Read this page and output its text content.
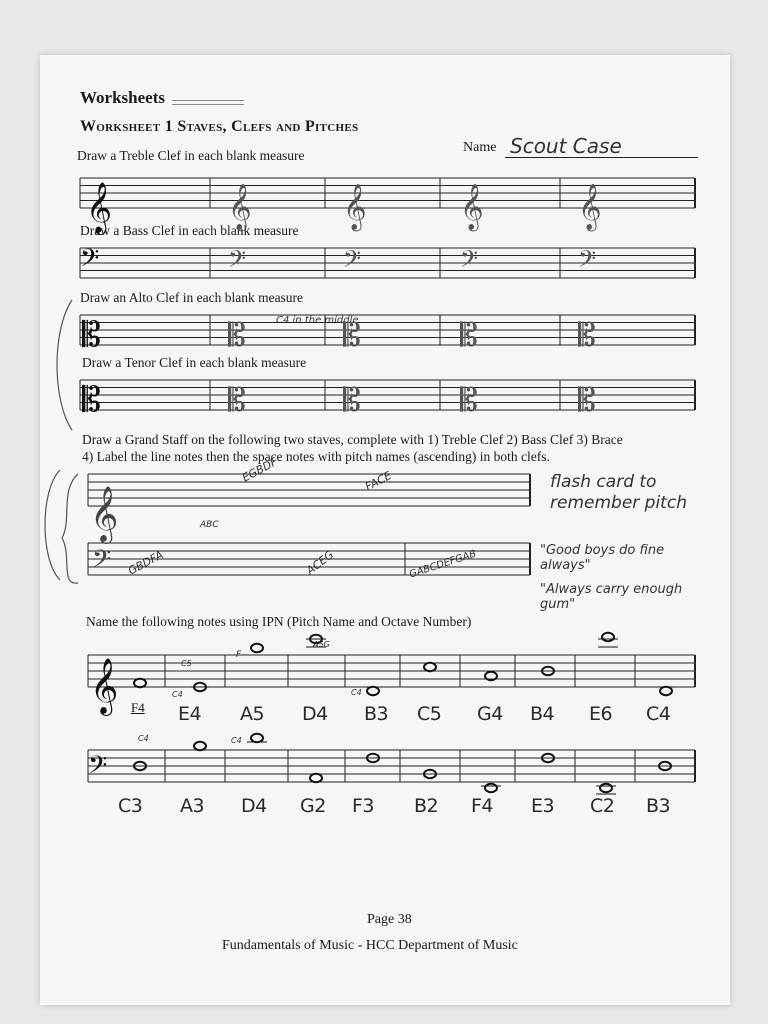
Worksheets
Worksheet 1 Staves, Clefs and Pitches
Name Scout Case
Draw a Treble Clef in each blank measure
Draw a Bass Clef in each blank measure
Draw an Alto Clef in each blank measure
Draw a Tenor Clef in each blank measure
Draw a Grand Staff on the following two staves, complete with 1) Treble Clef 2) Bass Clef 3) Brace
4) Label the line notes then the space notes with pitch names (ascending) in both clefs.
Name the following notes using IPN (Pitch Name and Octave Number)
C4 in the middle
EGBDF	FACE
GBDFA	ACEG	GABCDEFGAB
ABC
flash card to remember pitch
"Good boys do fine always"
"Always carry enough gum"
C5
C4
F
A5G
C4
C4	C4
F4 E4 A5 D4 B3 C5 G4 B4 E6 C4
C3 A3 D4 G2 F3 B2 F4 E3 C2 B3
Page 38
Fundamentals of Music - HCC Department of Music
𝄞
𝄢
𝄡
𝄡
𝄞
𝄢
𝄡
𝄡
𝄞
𝄢
𝄡
𝄡
𝄞
𝄢
𝄡
𝄡
𝄞
𝄢
𝄡
𝄡
𝄞
𝄢
𝄞
𝄢
